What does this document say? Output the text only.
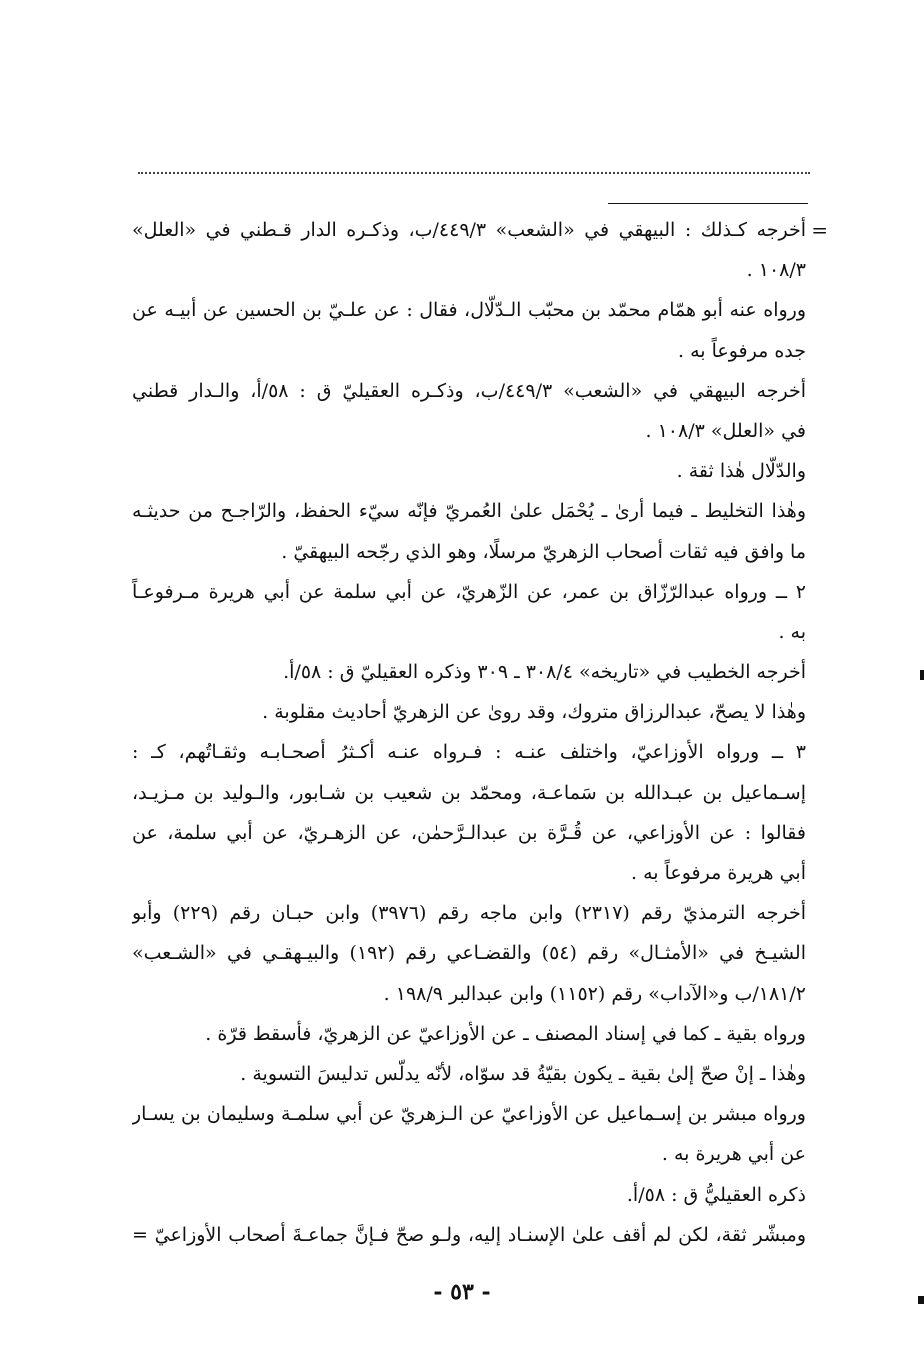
=
أخرجه كـذلك : البيهقي في «الشعب» ٤٤٩/٣/ب، وذكـره الدار قـطني في «العلل»
١٠٨/٣ .
ورواه عنه أبو همّام محمّد بن محبّب الـدّلّال، فقال : عن علـيّ بن الحسين عن أبيـه عن
جده مرفوعاً به .
أخرجه البيهقي في «الشعب» ٤٤٩/٣/ب، وذكـره العقيليّ ق : ٥٨/أ، والـدار قطني
في «العلل» ١٠٨/٣ .
والدّلّال هٰذا ثقة .
وهٰذا التخليط ـ فيما أرىٰ ـ يُحْمَل علىٰ العُمريّ فإنّه سيّء الحفظ، والرّاجـح من حديثـه
ما وافق فيه ثقات أصحاب الزهريّ مرسلًا، وهو الذي رجّحه البيهقيّ .
٢ ــ ورواه عبدالرّزّاق بن عمر، عن الزّهريّ، عن أبي سلمة عن أبي هريرة مـرفوعـاً
به .
أخرجه الخطيب في «تاريخه» ٣٠٨/٤ ـ ٣٠٩ وذكره العقيليّ ق : ٥٨/أ.
وهٰذا لا يصحّ، عبدالرزاق متروك، وقد روىٰ عن الزهريّ أحاديث مقلوبة .
٣ ــ ورواه الأوزاعيّ، واختلف عنـه : فـرواه عنـه أكـثرُ أصحـابـه وثقـاتُهم، كـ :
إسـماعيل بن عبـدالله بن سَماعـة، ومحمّد بن شعيب بن شـابور، والـوليد بن مـزيـد،
فقالوا : عن الأوزاعي، عن قُـرَّة بن عبدالـرَّحمٰن، عن الزهـريّ، عن أبي سلمة، عن
أبي هريرة مرفوعاً به .
أخرجه الترمذيّ رقم (٢٣١٧) وابن ماجه رقم (٣٩٧٦) وابن حبـان رقم (٢٢٩) وأبو
الشيـخ في «الأمثـال» رقم (٥٤) والقضـاعي رقم (١٩٢) والبيـهقـي في «الشـعب»
١٨١/٢/ب و«الآداب» رقم (١١٥٢) وابن عبدالبر ١٩٨/٩ .
ورواه بقية ـ كما في إسناد المصنف ـ عن الأوزاعيّ عن الزهريّ، فأسقط قرّة .
وهٰذا ـ إنْ صحّ إلىٰ بقية ـ يكون بقيّةُ قد سوّاه، لأنّه يدلّس تدليسَ التسوية .
ورواه مبشر بن إسـماعيل عن الأوزاعيّ عن الـزهريّ عن أبي سلمـة وسليمان بن يسـار
عن أبي هريرة به .
ذكره العقيليُّ ق : ٥٨/أ.
ومبشّر ثقة، لكن لم أقف علىٰ الإسنـاد إليه، ولـو صحّ فـإنَّ جماعـةَ أصحاب الأوزاعيّ =
- ٥٣ -
